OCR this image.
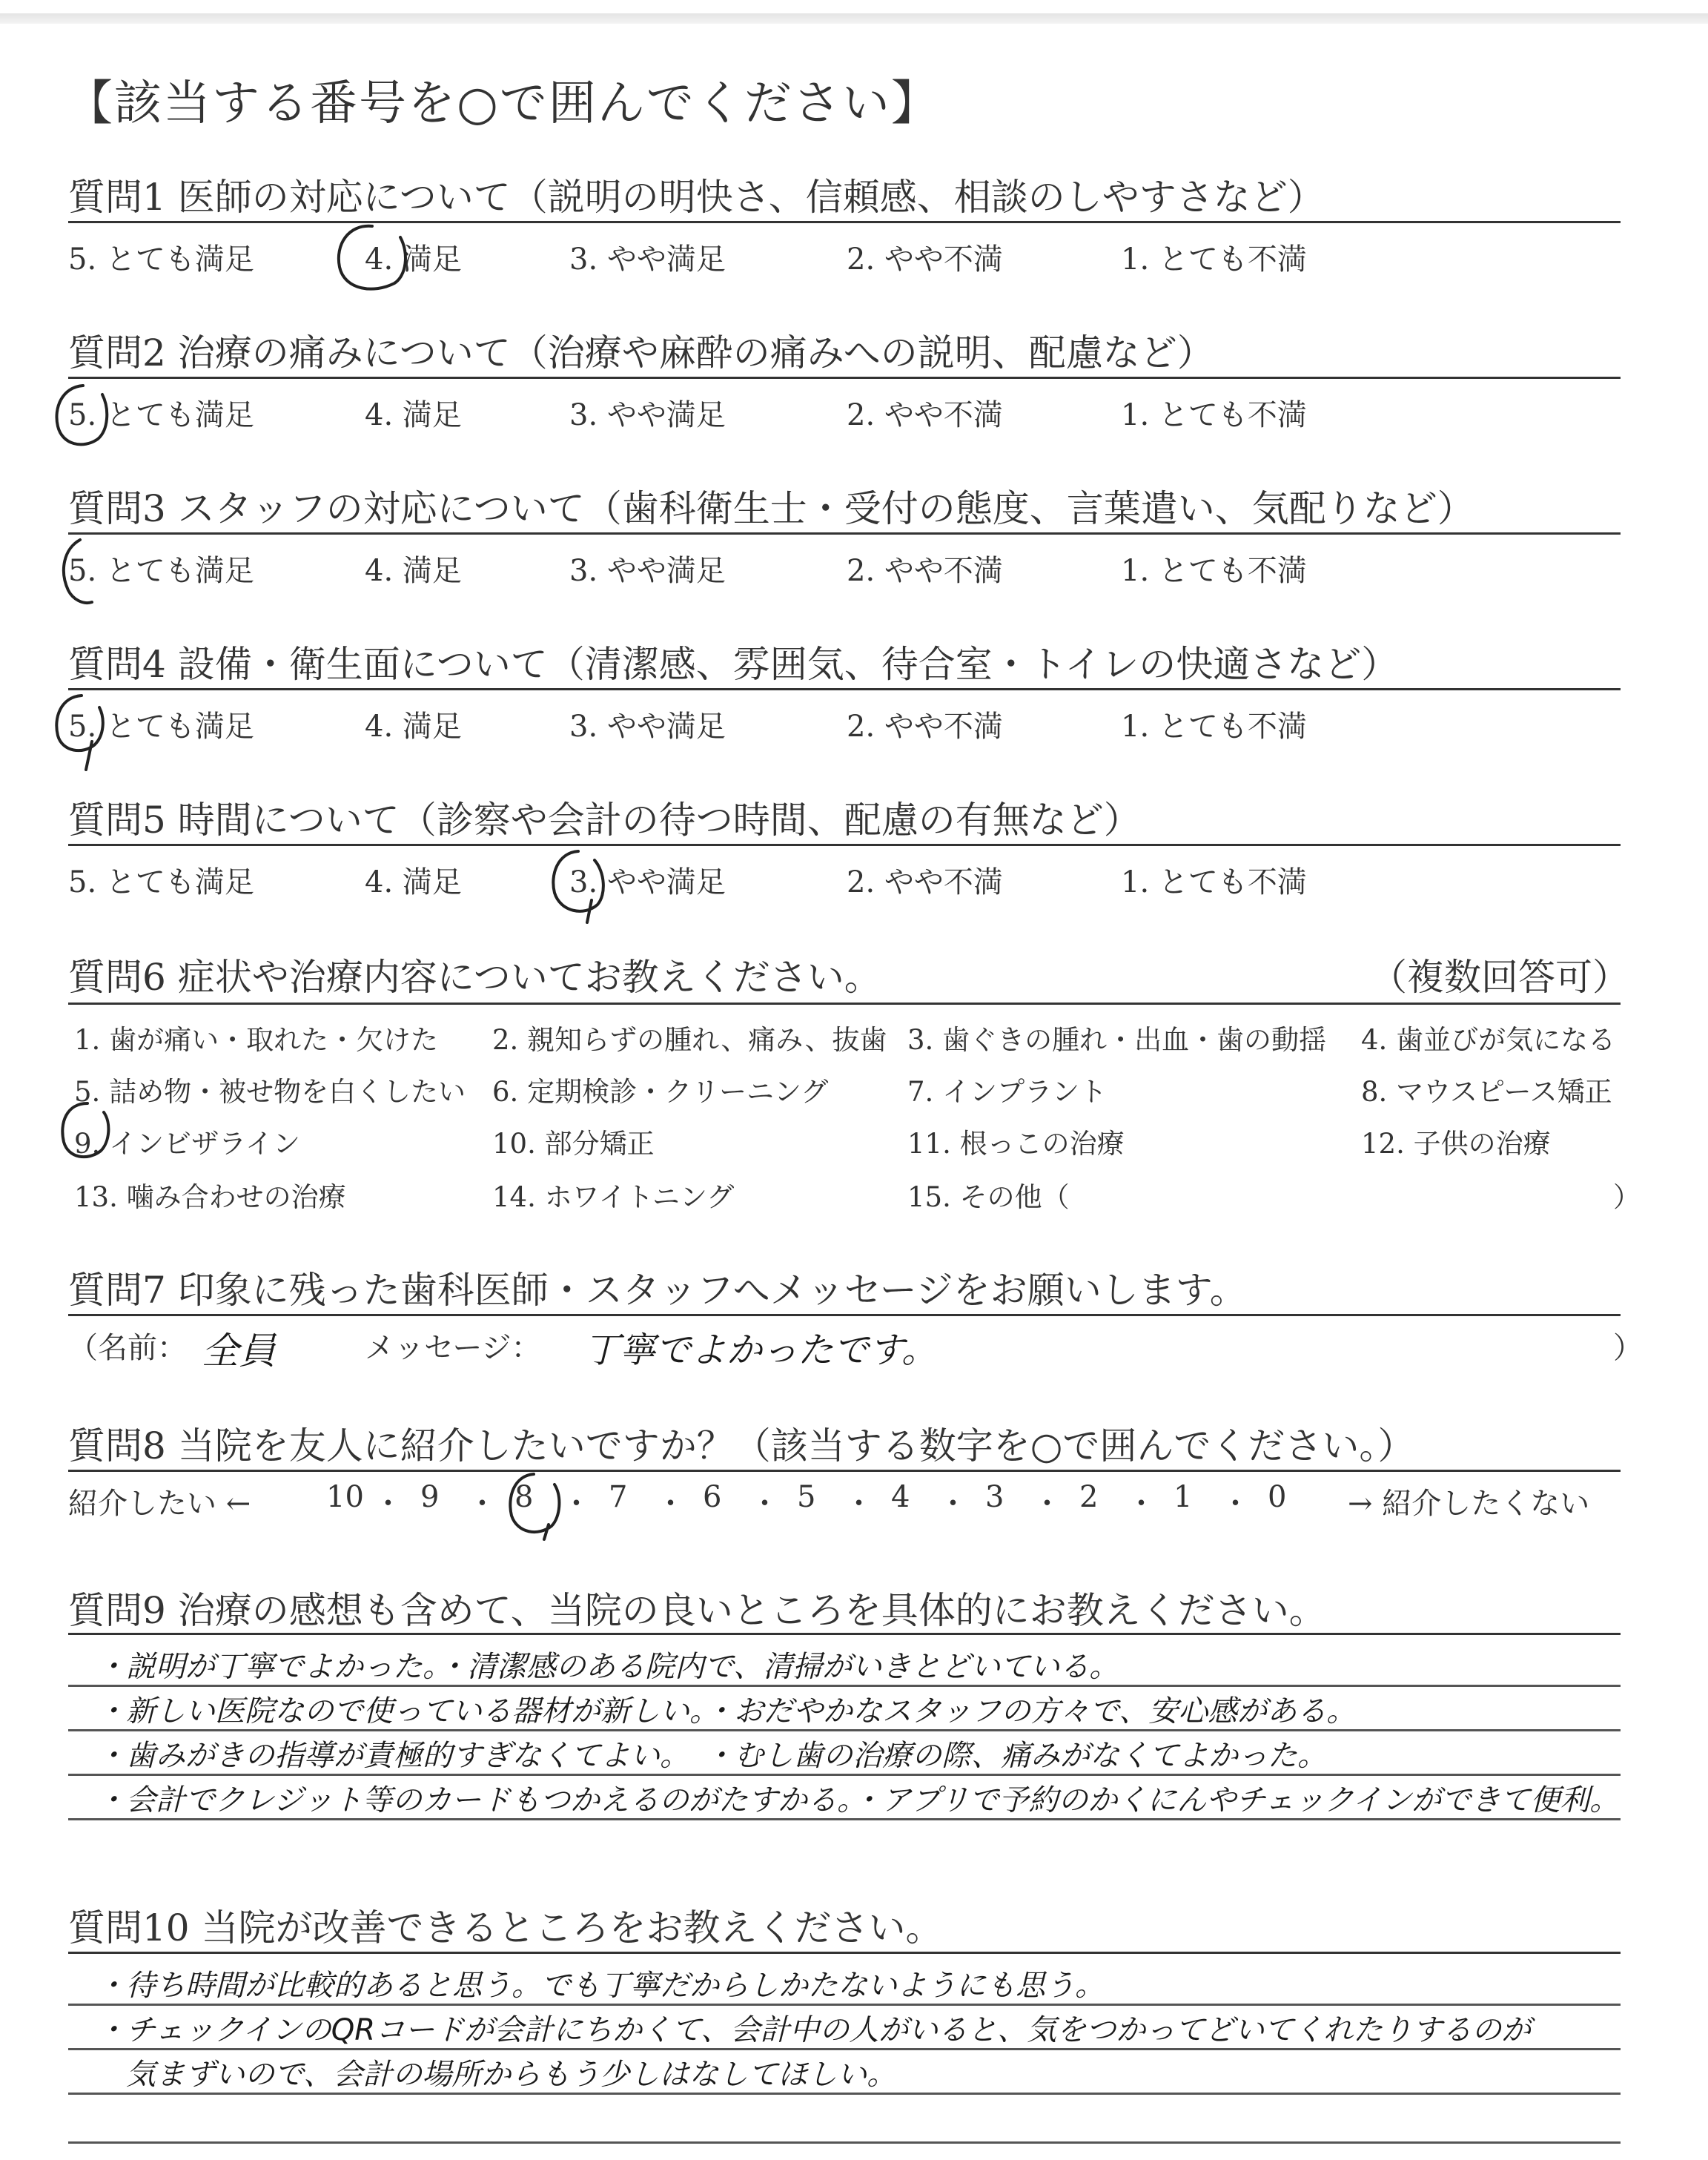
【該当する番号を○で囲んでください】
質問1 医師の対応について（説明の明快さ、信頼感、相談のしやすさなど）
5. とても満足	4. 満足	3. やや満足	2. やや不満	1. とても不満
質問2 治療の痛みについて（治療や麻酔の痛みへの説明、配慮など）
5. とても満足	4. 満足	3. やや満足	2. やや不満	1. とても不満
質問3 スタッフの対応について（歯科衛生士・受付の態度、言葉遣い、気配りなど）
5. とても満足	4. 満足	3. やや満足	2. やや不満	1. とても不満
質問4 設備・衛生面について（清潔感、雰囲気、待合室・トイレの快適さなど）
5. とても満足	4. 満足	3. やや満足	2. やや不満	1. とても不満
質問5 時間について（診察や会計の待つ時間、配慮の有無など）
5. とても満足	4. 満足	3. やや満足	2. やや不満	1. とても不満
質問6 症状や治療内容についてお教えください。	（複数回答可）
1. 歯が痛い・取れた・欠けた 2. 親知らずの腫れ、痛み、抜歯 3. 歯ぐきの腫れ・出血・歯の動揺 4. 歯並びが気になる
5. 詰め物・被せ物を白くしたい 6. 定期検診・クリーニング	7. インプラント	8. マウスピース矯正
9. インビザライン	10. 部分矯正	11. 根っこの治療	12. 子供の治療
13. 噛み合わせの治療	14. ホワイトニング	15. その他（	）
質問7 印象に残った歯科医師・スタッフへメッセージをお願いします。
（名前： 全員	メッセージ： 丁寧でよかったです。	）
質問8 当院を友人に紹介したいですか？（該当する数字を○で囲んでください。）
紹介したい ←	10 ・ 9 ・ 8 ・ 7 ・ 6 ・ 5 ・ 4 ・ 3 ・ 2 ・ 1 ・ 0 → 紹介したくない
質問9 治療の感想も含めて、当院の良いところを具体的にお教えください。
・説明が丁寧でよかった。・清潔感のある院内で、清掃がいきとどいている。
・新しい医院なので使っている器材が新しい。・おだやかなスタッフの方々で、安心感がある。
・歯みがきの指導が責極的すぎなくてよい。　・むし歯の治療の際、痛みがなくてよかった。
・会計でクレジット等のカードもつかえるのがたすかる。・アプリで予約のかくにんやチェックインができて便利。
質問10 当院が改善できるところをお教えください。
・待ち時間が比較的あると思う。でも丁寧だからしかたないようにも思う。
・チェックインのQRコードが会計にちかくて、会計中の人がいると、気をつかってどいてくれたりするのが
気まずいので、会計の場所からもう少しはなしてほしい。
